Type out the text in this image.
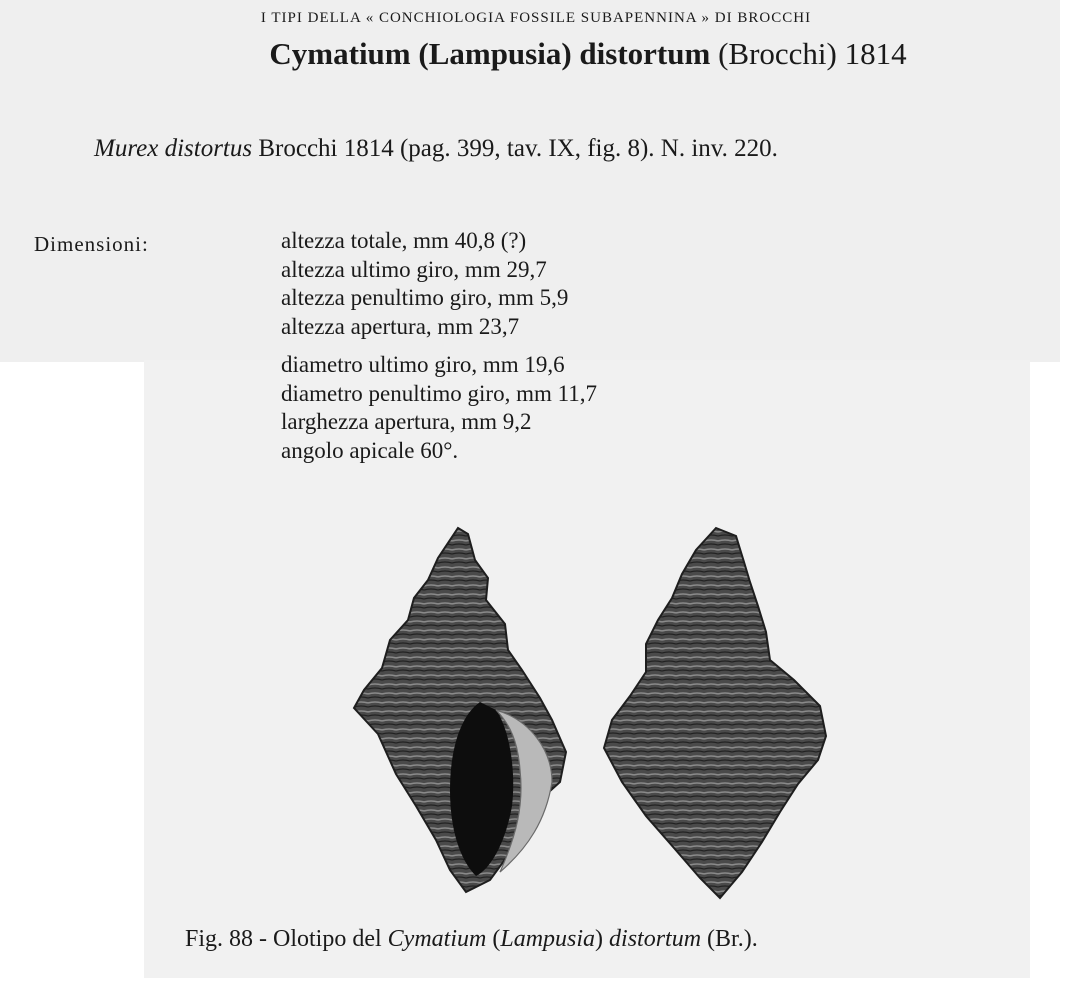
I TIPI DELLA « CONCHIOLOGIA FOSSILE SUBAPENNINA » DI BROCCHI
Cymatium (Lampusia) distortum (Brocchi) 1814
Murex distortus Brocchi 1814 (pag. 399, tav. IX, fig. 8). N. inv. 220.
Dimensioni:	altezza totale, mm 40,8 (?)
altezza ultimo giro, mm 29,7
altezza penultimo giro, mm 5,9
altezza apertura, mm 23,7
diametro ultimo giro, mm 19,6
diametro penultimo giro, mm 11,7
larghezza apertura, mm 9,2
angolo apicale 60°.
Fig. 88 - Olotipo del Cymatium (Lampusia) distortum (Br.).
